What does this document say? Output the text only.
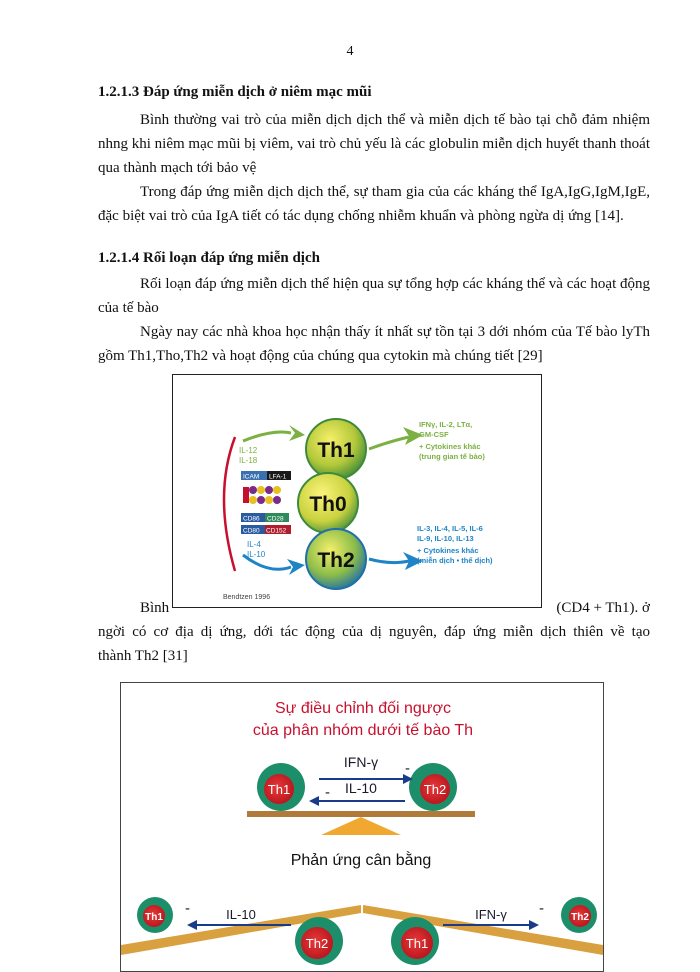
4
1.2.1.3 Đáp ứng miễn dịch ở niêm mạc mũi
Bình thường vai trò của miễn dịch dịch thể và miễn dịch tế bào tại chỗ đảm nhiệm nhng khi niêm mạc mũi bị viêm, vai trò chủ yếu là các globulin miễn dịch huyết thanh thoát qua thành mạch tới bảo vệ
Trong đáp ứng miễn dịch dịch thể, sự tham gia của các kháng thể IgA,IgG,IgM,IgE, đặc biệt vai trò của IgA tiết có tác dụng chống nhiễm khuẩn và phòng ngừa dị ứng [14].
1.2.1.4 Rối loạn đáp ứng miễn dịch
Rối loạn đáp ứng miễn dịch thể hiện qua sự tổng hợp các kháng thể và các hoạt động của tế bào
Ngày nay các nhà khoa học nhận thấy ít nhất sự tồn tại 3 dới nhóm của Tế bào lyTh gồm Th1,Tho,Th2 và hoạt động của chúng qua cytokin mà chúng tiết [29]
Bình	(CD4 + Th1). ở
ngời có cơ địa dị ứng, dới tác động của dị nguyên, đáp ứng miễn dịch thiên về tạo
thành Th2 [31]
IL-12
IL-18
IL-4
IL-10
ICAM LFA-1
CD86 CD28
CD80 CD152
Th1
Th0
Th2
IFNγ, IL-2, LTα,
GM-CSF
+ Cytokines khác
(trung gian tế bào)
IL-3, IL-4, IL-5, IL-6
IL-9, IL-10, IL-13
+ Cytokines khác
(miễn dịch • thể dịch)
Bendtzen 1996
Sự điều chỉnh đối ngược
của phân nhóm dưới tế bào Th
Th1	Th2
IFN-γ -
IL-10
-
Phản ứng cân bằng
Th1
-	IL-10
Th2	Th1
IFN-γ -
Th2
